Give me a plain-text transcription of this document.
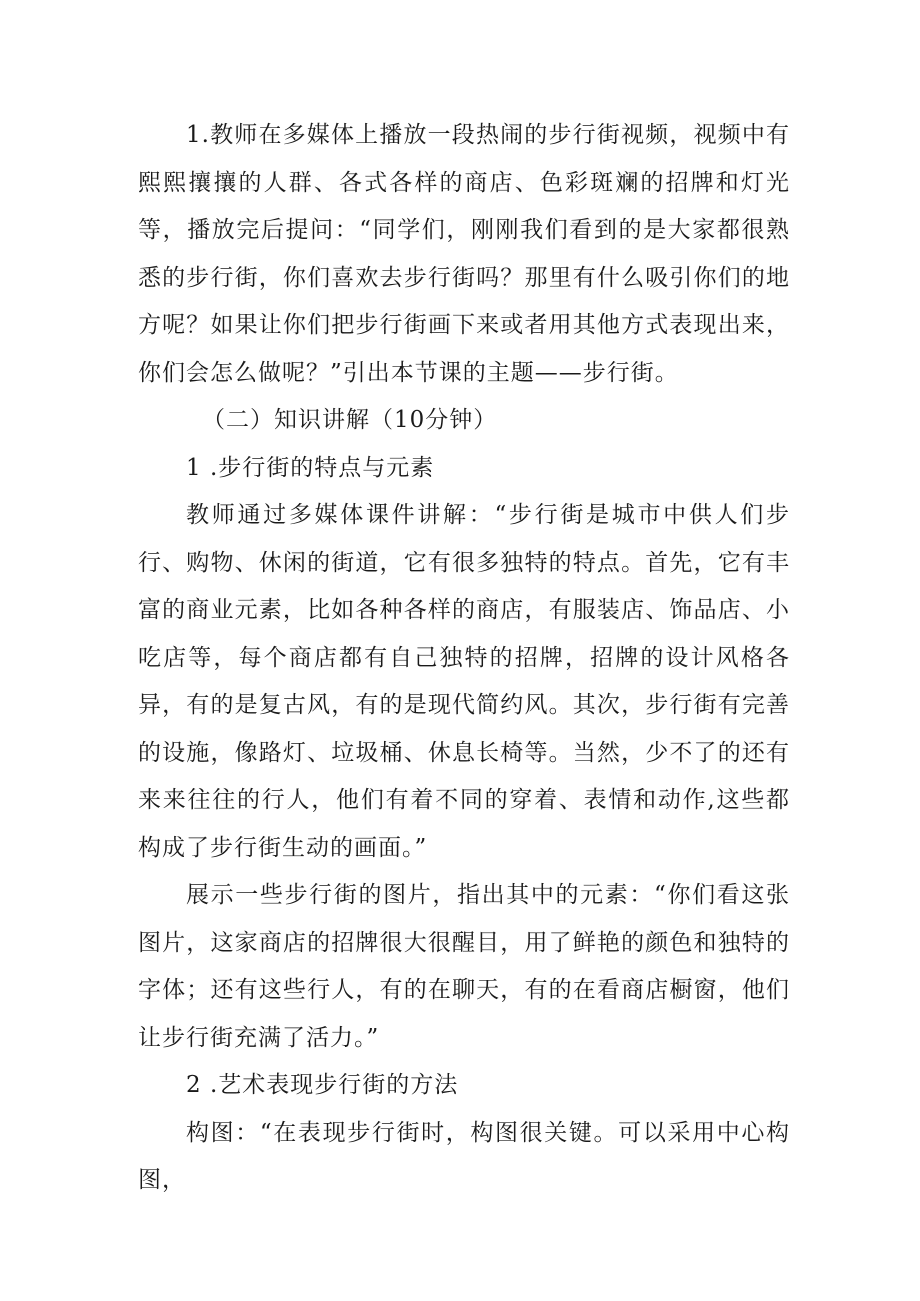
1.教师在多媒体上播放一段热闹的步行街视频，视频中有熙熙攘攘的人群、各式各样的商店、色彩斑斓的招牌和灯光等，播放完后提问：“同学们，刚刚我们看到的是大家都很熟悉的步行街，你们喜欢去步行街吗？那里有什么吸引你们的地方呢？如果让你们把步行街画下来或者用其他方式表现出来，你们会怎么做呢？”引出本节课的主题——步行街。

（二）知识讲解（10分钟）

1 .步行街的特点与元素

教师通过多媒体课件讲解：“步行街是城市中供人们步行、购物、休闲的街道，它有很多独特的特点。首先，它有丰富的商业元素，比如各种各样的商店，有服装店、饰品店、小吃店等，每个商店都有自己独特的招牌，招牌的设计风格各异，有的是复古风，有的是现代简约风。其次，步行街有完善的设施，像路灯、垃圾桶、休息长椅等。当然，少不了的还有来来往往的行人，他们有着不同的穿着、表情和动作,这些都构成了步行街生动的画面。”

展示一些步行街的图片，指出其中的元素：“你们看这张图片，这家商店的招牌很大很醒目，用了鲜艳的颜色和独特的字体；还有这些行人，有的在聊天，有的在看商店橱窗，他们让步行街充满了活力。”

2 .艺术表现步行街的方法

构图：“在表现步行街时，构图很关键。可以采用中心构图，
